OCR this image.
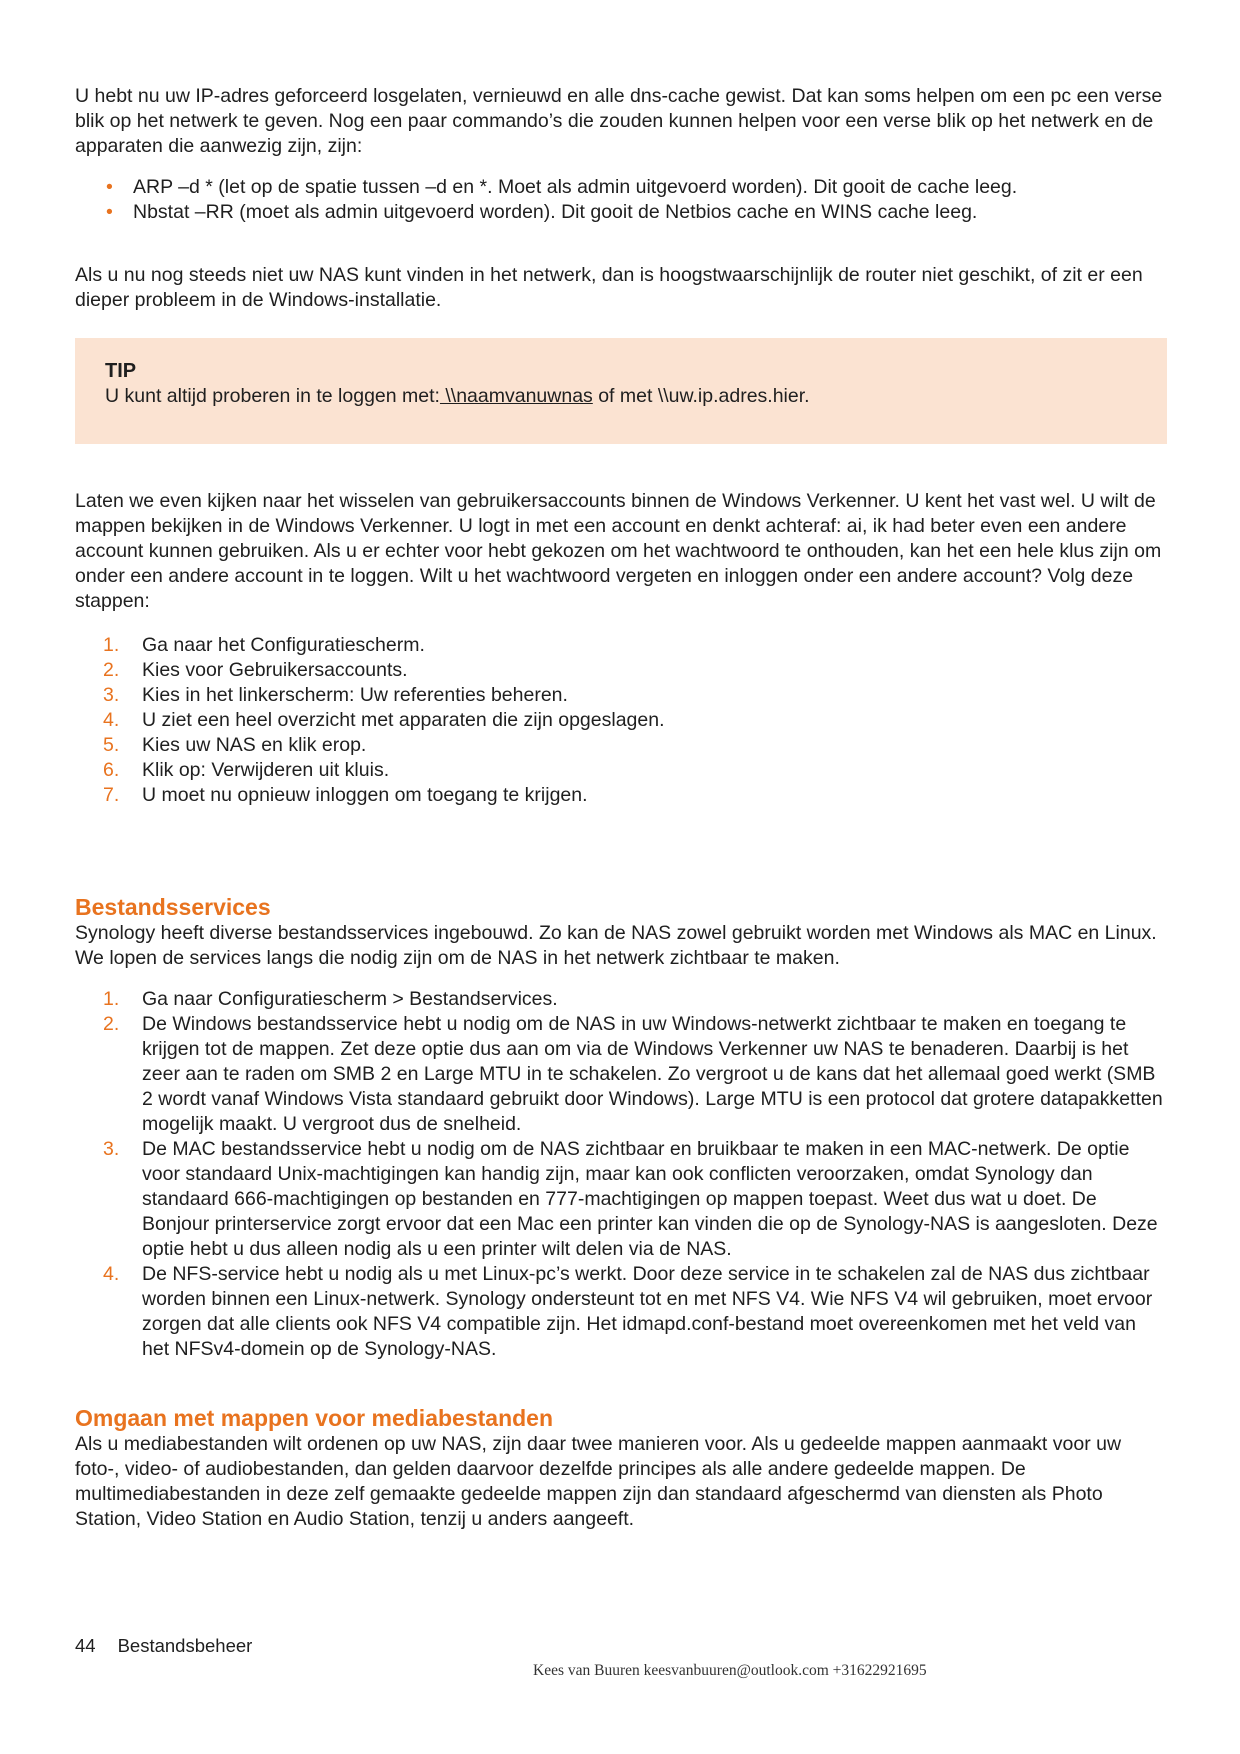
U hebt nu uw IP-adres geforceerd losgelaten, vernieuwd en alle dns-cache gewist. Dat kan soms helpen om een pc een verse blik op het netwerk te geven. Nog een paar commando’s die zouden kunnen helpen voor een verse blik op het netwerk en de apparaten die aanwezig zijn, zijn:

• ARP –d * (let op de spatie tussen –d en *. Moet als admin uitgevoerd worden). Dit gooit de cache leeg.
• Nbstat –RR (moet als admin uitgevoerd worden). Dit gooit de Netbios cache en WINS cache leeg.

Als u nu nog steeds niet uw NAS kunt vinden in het netwerk, dan is hoogstwaarschijnlijk de router niet geschikt, of zit er een dieper probleem in de Windows-installatie.

TIP
U kunt altijd proberen in te loggen met: \\naamvanuwnas of met \\uw.ip.adres.hier.

Laten we even kijken naar het wisselen van gebruikersaccounts binnen de Windows Verkenner. U kent het vast wel. U wilt de mappen bekijken in de Windows Verkenner. U logt in met een account en denkt achteraf: ai, ik had beter even een andere account kunnen gebruiken. Als u er echter voor hebt gekozen om het wachtwoord te onthouden, kan het een hele klus zijn om onder een andere account in te loggen. Wilt u het wachtwoord vergeten en inloggen onder een andere account? Volg deze stappen:

1. Ga naar het Configuratiescherm.
2. Kies voor Gebruikersaccounts.
3. Kies in het linkerscherm: Uw referenties beheren.
4. U ziet een heel overzicht met apparaten die zijn opgeslagen.
5. Kies uw NAS en klik erop.
6. Klik op: Verwijderen uit kluis.
7. U moet nu opnieuw inloggen om toegang te krijgen.
Bestandsservices

Synology heeft diverse bestandsservices ingebouwd. Zo kan de NAS zowel gebruikt worden met Windows als MAC en Linux. We lopen de services langs die nodig zijn om de NAS in het netwerk zichtbaar te maken.

1. Ga naar Configuratiescherm > Bestandservices.
2. De Windows bestandsservice hebt u nodig om de NAS in uw Windows-netwerkt zichtbaar te maken en toegang te krijgen tot de mappen. Zet deze optie dus aan om via de Windows Verkenner uw NAS te benaderen. Daarbij is het zeer aan te raden om SMB 2 en Large MTU in te schakelen. Zo vergroot u de kans dat het allemaal goed werkt (SMB 2 wordt vanaf Windows Vista standaard gebruikt door Windows). Large MTU is een protocol dat grotere datapakketten mogelijk maakt. U vergroot dus de snelheid.
3. De MAC bestandsservice hebt u nodig om de NAS zichtbaar en bruikbaar te maken in een MAC-netwerk. De optie voor standaard Unix-machtigingen kan handig zijn, maar kan ook conflicten veroorzaken, omdat Synology dan standaard 666-machtigingen op bestanden en 777-machtigingen op mappen toepast. Weet dus wat u doet. De Bonjour printerservice zorgt ervoor dat een Mac een printer kan vinden die op de Synology-NAS is aangesloten. Deze optie hebt u dus alleen nodig als u een printer wilt delen via de NAS.
4. De NFS-service hebt u nodig als u met Linux-pc’s werkt. Door deze service in te schakelen zal de NAS dus zichtbaar worden binnen een Linux-netwerk. Synology ondersteunt tot en met NFS V4. Wie NFS V4 wil gebruiken, moet ervoor zorgen dat alle clients ook NFS V4 compatible zijn. Het idmapd.conf-bestand moet overeenkomen met het veld van het NFSv4-domein op de Synology-NAS.
Omgaan met mappen voor mediabestanden

Als u mediabestanden wilt ordenen op uw NAS, zijn daar twee manieren voor. Als u gedeelde mappen aanmaakt voor uw foto-, video- of audiobestanden, dan gelden daarvoor dezelfde principes als alle andere gedeelde mappen. De multimediabestanden in deze zelf gemaakte gedeelde mappen zijn dan standaard afgeschermd van diensten als Photo Station, Video Station en Audio Station, tenzij u anders aangeeft.

44 Bestandsbeheer
Kees van Buuren keesvanbuuren@outlook.com +31622921695
